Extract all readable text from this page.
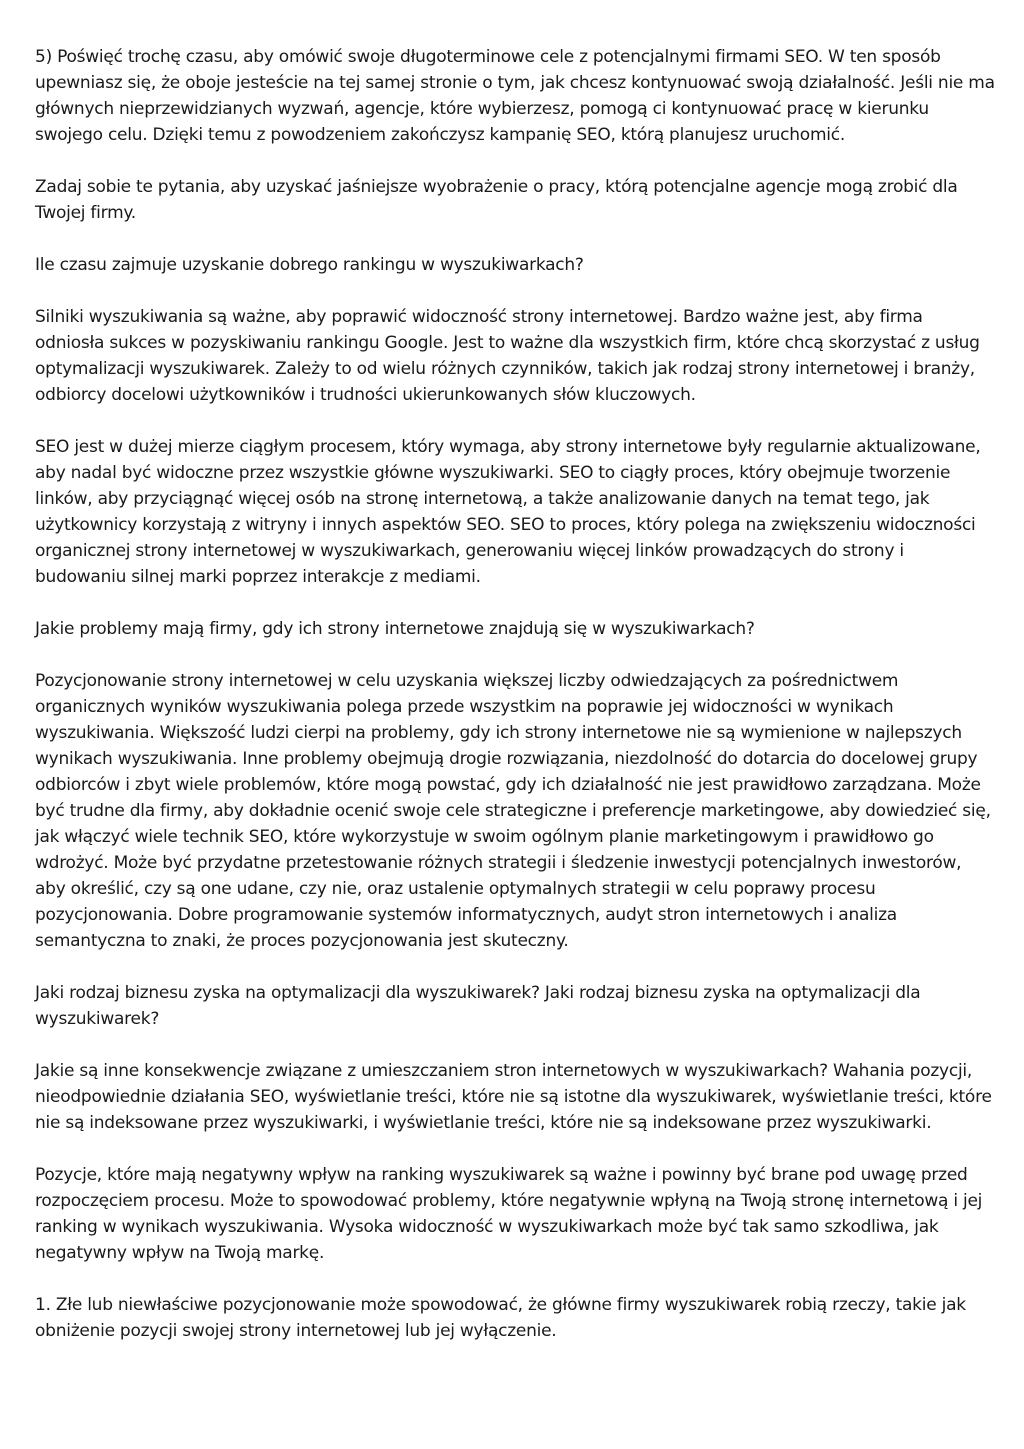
5) Poświęć trochę czasu, aby omówić swoje długoterminowe cele z potencjalnymi firmami SEO. W ten sposób upewniasz się, że oboje jesteście na tej samej stronie o tym, jak chcesz kontynuować swoją działalność. Jeśli nie ma głównych nieprzewidzianych wyzwań, agencje, które wybierzesz, pomogą ci kontynuować pracę w kierunku swojego celu. Dzięki temu z powodzeniem zakończysz kampanię SEO, którą planujesz uruchomić.

Zadaj sobie te pytania, aby uzyskać jaśniejsze wyobrażenie o pracy, którą potencjalne agencje mogą zrobić dla Twojej firmy.

Ile czasu zajmuje uzyskanie dobrego rankingu w wyszukiwarkach?

Silniki wyszukiwania są ważne, aby poprawić widoczność strony internetowej. Bardzo ważne jest, aby firma odniosła sukces w pozyskiwaniu rankingu Google. Jest to ważne dla wszystkich firm, które chcą skorzystać z usług optymalizacji wyszukiwarek. Zależy to od wielu różnych czynników, takich jak rodzaj strony internetowej i branży, odbiorcy docelowi użytkowników i trudności ukierunkowanych słów kluczowych.

SEO jest w dużej mierze ciągłym procesem, który wymaga, aby strony internetowe były regularnie aktualizowane, aby nadal być widoczne przez wszystkie główne wyszukiwarki. SEO to ciągły proces, który obejmuje tworzenie linków, aby przyciągnąć więcej osób na stronę internetową, a także analizowanie danych na temat tego, jak użytkownicy korzystają z witryny i innych aspektów SEO. SEO to proces, który polega na zwiększeniu widoczności organicznej strony internetowej w wyszukiwarkach, generowaniu więcej linków prowadzących do strony i budowaniu silnej marki poprzez interakcje z mediami.

Jakie problemy mają firmy, gdy ich strony internetowe znajdują się w wyszukiwarkach?

Pozycjonowanie strony internetowej w celu uzyskania większej liczby odwiedzających za pośrednictwem organicznych wyników wyszukiwania polega przede wszystkim na poprawie jej widoczności w wynikach wyszukiwania. Większość ludzi cierpi na problemy, gdy ich strony internetowe nie są wymienione w najlepszych wynikach wyszukiwania. Inne problemy obejmują drogie rozwiązania, niezdolność do dotarcia do docelowej grupy odbiorców i zbyt wiele problemów, które mogą powstać, gdy ich działalność nie jest prawidłowo zarządzana. Może być trudne dla firmy, aby dokładnie ocenić swoje cele strategiczne i preferencje marketingowe, aby dowiedzieć się, jak włączyć wiele technik SEO, które wykorzystuje w swoim ogólnym planie marketingowym i prawidłowo go wdrożyć. Może być przydatne przetestowanie różnych strategii i śledzenie inwestycji potencjalnych inwestorów, aby określić, czy są one udane, czy nie, oraz ustalenie optymalnych strategii w celu poprawy procesu pozycjonowania. Dobre programowanie systemów informatycznych, audyt stron internetowych i analiza semantyczna to znaki, że proces pozycjonowania jest skuteczny.

Jaki rodzaj biznesu zyska na optymalizacji dla wyszukiwarek? Jaki rodzaj biznesu zyska na optymalizacji dla wyszukiwarek?

Jakie są inne konsekwencje związane z umieszczaniem stron internetowych w wyszukiwarkach? Wahania pozycji, nieodpowiednie działania SEO, wyświetlanie treści, które nie są istotne dla wyszukiwarek, wyświetlanie treści, które nie są indeksowane przez wyszukiwarki, i wyświetlanie treści, które nie są indeksowane przez wyszukiwarki.

Pozycje, które mają negatywny wpływ na ranking wyszukiwarek są ważne i powinny być brane pod uwagę przed rozpoczęciem procesu. Może to spowodować problemy, które negatywnie wpłyną na Twoją stronę internetową i jej ranking w wynikach wyszukiwania. Wysoka widoczność w wyszukiwarkach może być tak samo szkodliwa, jak negatywny wpływ na Twoją markę.

1. Złe lub niewłaściwe pozycjonowanie może spowodować, że główne firmy wyszukiwarek robią rzeczy, takie jak obniżenie pozycji swojej strony internetowej lub jej wyłączenie.
